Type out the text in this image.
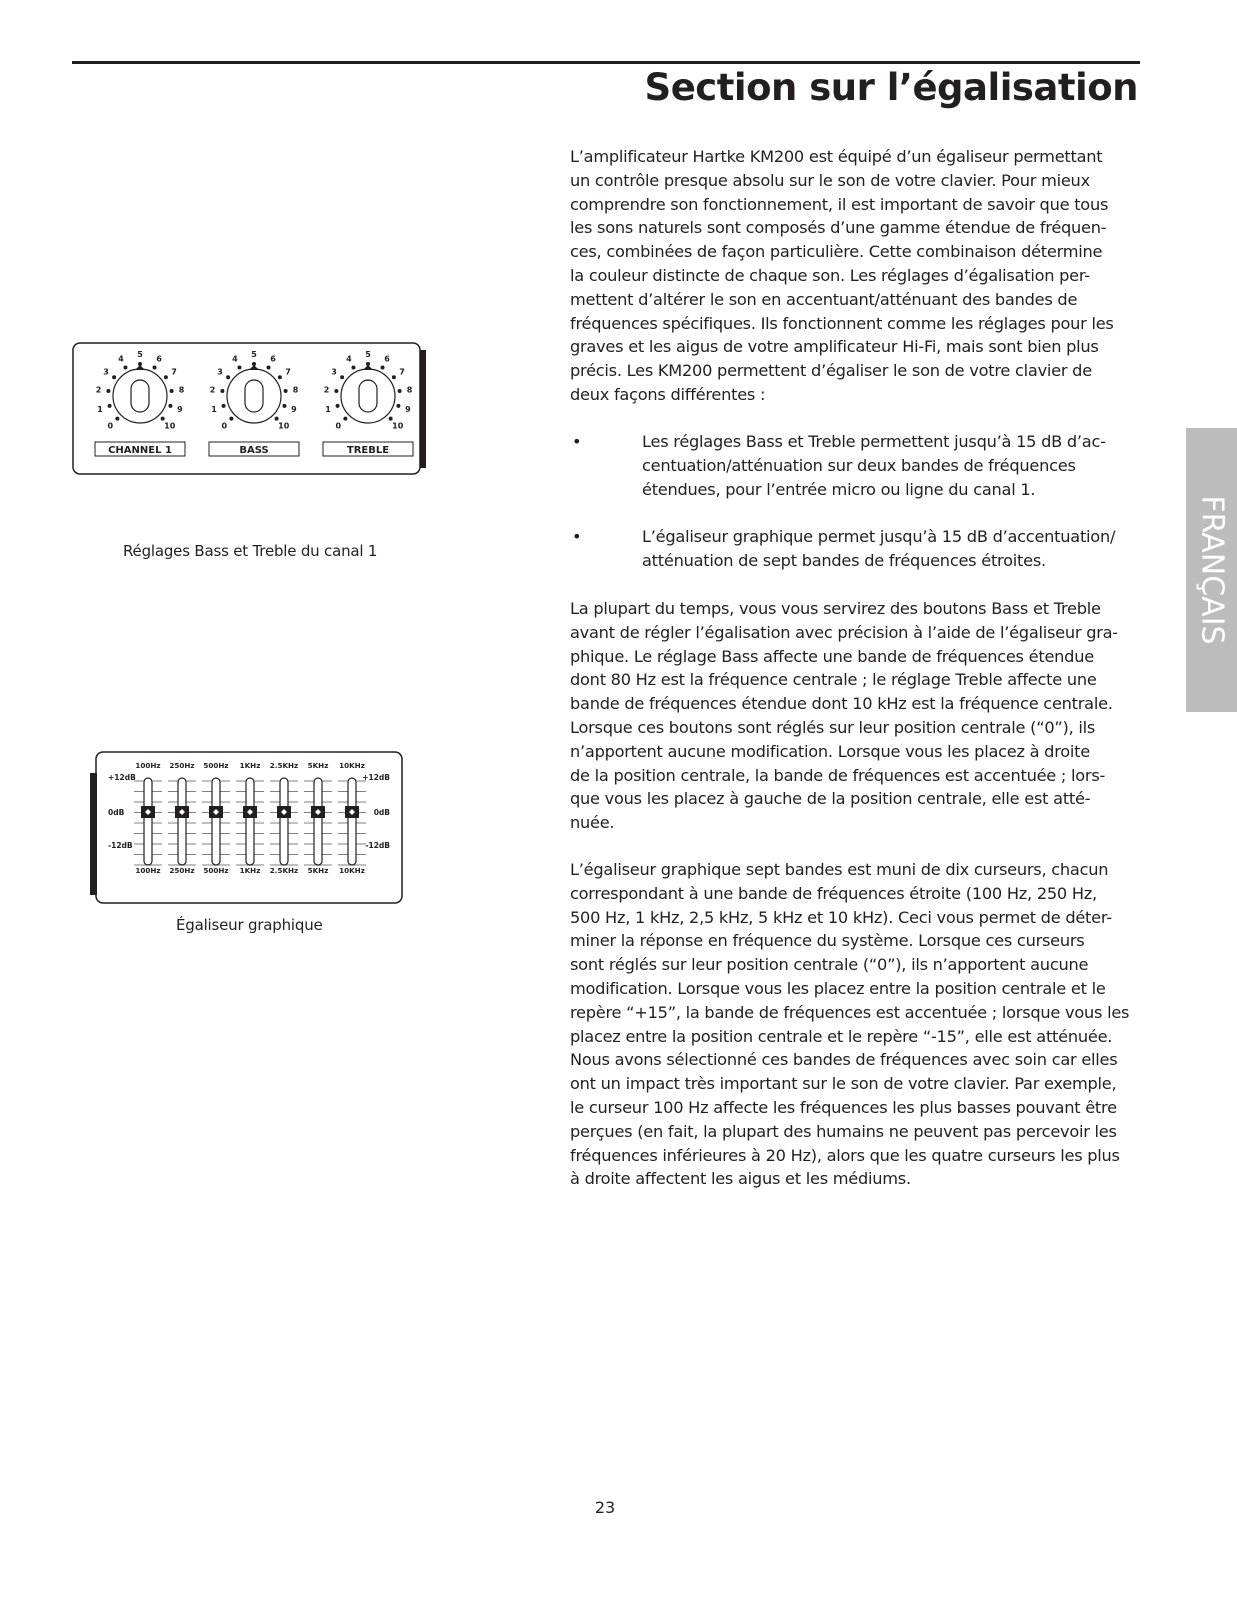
Section sur l’égalisation
FRANÇAIS
L’amplificateur Hartke KM200 est équipé d’un égaliseur permettant
un contrôle presque absolu sur le son de votre clavier. Pour mieux
comprendre son fonctionnement, il est important de savoir que tous
les sons naturels sont composés d’une gamme étendue de fréquen-
ces, combinées de façon particulière. Cette combinaison détermine
la couleur distincte de chaque son. Les réglages d’égalisation per-
mettent d’altérer le son en accentuant/atténuant des bandes de
fréquences spécifiques. Ils fonctionnent comme les réglages pour les
graves et les aigus de votre amplificateur Hi-Fi, mais sont bien plus
précis. Les KM200 permettent d’égaliser le son de votre clavier de
deux façons différentes :
•	Les réglages Bass et Treble permettent jusqu’à 15 dB d’ac-
centuation/atténuation sur deux bandes de fréquences
étendues, pour l’entrée micro ou ligne du canal 1.
•	L’égaliseur graphique permet jusqu’à 15 dB d’accentuation/
atténuation de sept bandes de fréquences étroites.
La plupart du temps, vous vous servirez des boutons Bass et Treble
avant de régler l’égalisation avec précision à l’aide de l’égaliseur gra-
phique. Le réglage Bass affecte une bande de fréquences étendue
dont 80 Hz est la fréquence centrale ; le réglage Treble affecte une
bande de fréquences étendue dont 10 kHz est la fréquence centrale.
Lorsque ces boutons sont réglés sur leur position centrale (“0”), ils
n’apportent aucune modification. Lorsque vous les placez à droite
de la position centrale, la bande de fréquences est accentuée ; lors-
que vous les placez à gauche de la position centrale, elle est atté-
nuée.
L’égaliseur graphique sept bandes est muni de dix curseurs, chacun
correspondant à une bande de fréquences étroite (100 Hz, 250 Hz,
500 Hz, 1 kHz, 2,5 kHz, 5 kHz et 10 kHz). Ceci vous permet de déter-
miner la réponse en fréquence du système. Lorsque ces curseurs
sont réglés sur leur position centrale (“0”), ils n’apportent aucune
modification. Lorsque vous les placez entre la position centrale et le
repère “+15”, la bande de fréquences est accentuée ; lorsque vous les
placez entre la position centrale et le repère “-15”, elle est atténuée.
Nous avons sélectionné ces bandes de fréquences avec soin car elles
ont un impact très important sur le son de votre clavier. Par exemple,
le curseur 100 Hz affecte les fréquences les plus basses pouvant être
perçues (en fait, la plupart des humains ne peuvent pas percevoir les
fréquences inférieures à 20 Hz), alors que les quatre curseurs les plus
à droite affectent les aigus et les médiums.
0
1
2
3
4
5
6
7
8
9
10
CHANNEL 1
0
1
2
3
4
5
6
7
8
9
10
BASS
0
1
2
3
4
5
6
7
8
9
10
TREBLE
Réglages Bass et Treble du canal 1
+12dB	+12dB
0dB	0dB
-12dB	-12dB
100Hz
100Hz
250Hz
250Hz
500Hz
500Hz
1KHz
1KHz
2.5KHz
2.5KHz
5KHz
5KHz
10KHz
10KHz
Égaliseur graphique
23
